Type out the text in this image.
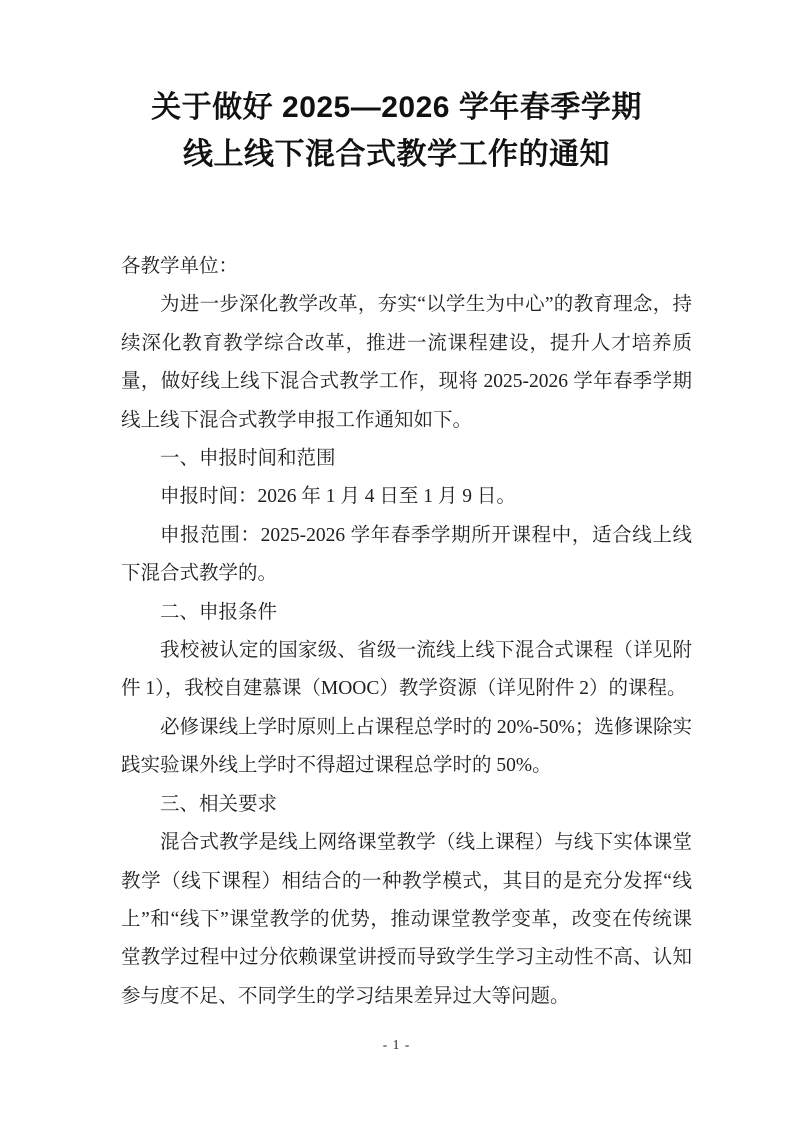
关于做好 2025—2026 学年春季学期
线上线下混合式教学工作的通知

各教学单位：

为进一步深化教学改革，夯实“以学生为中心”的教育理念，持续深化教育教学综合改革，推进一流课程建设，提升人才培养质量，做好线上线下混合式教学工作，现将 2025-2026 学年春季学期线上线下混合式教学申报工作通知如下。

一、申报时间和范围

申报时间：2026 年 1 月 4 日至 1 月 9 日。

申报范围：2025-2026 学年春季学期所开课程中，适合线上线下混合式教学的。

二、申报条件

我校被认定的国家级、省级一流线上线下混合式课程（详见附件 1），我校自建慕课（MOOC）教学资源（详见附件 2）的课程。

必修课线上学时原则上占课程总学时的 20%-50%；选修课除实践实验课外线上学时不得超过课程总学时的 50%。

三、相关要求

混合式教学是线上网络课堂教学（线上课程）与线下实体课堂教学（线下课程）相结合的一种教学模式，其目的是充分发挥“线上”和“线下”课堂教学的优势，推动课堂教学变革，改变在传统课堂教学过程中过分依赖课堂讲授而导致学生学习主动性不高、认知参与度不足、不同学生的学习结果差异过大等问题。

- 1 -
